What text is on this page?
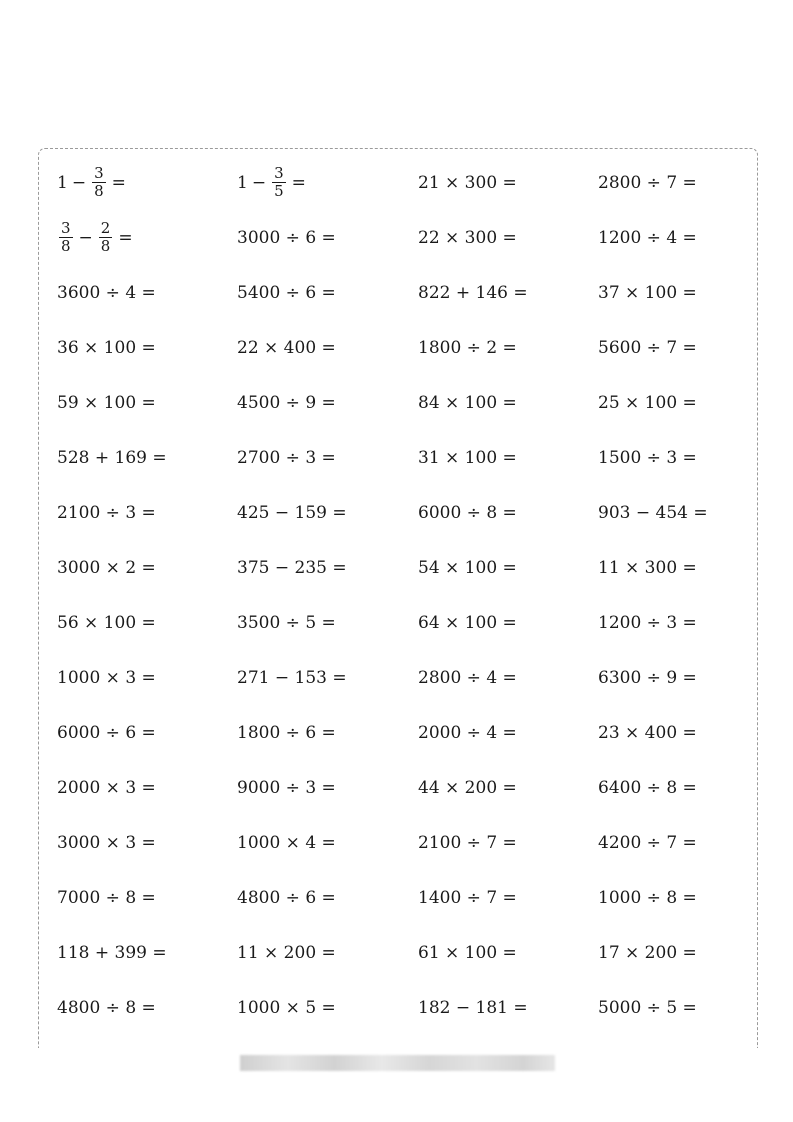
$1 - \frac{3}{8}$ =	$1 - \frac{3}{5}$ =	21 × 300 =	2800 ÷ 7 =
$\frac{3}{8} - \frac{2}{8}$ =	3000 ÷ 6 =	22 × 300 =	1200 ÷ 4 =
3600 ÷ 4 =	5400 ÷ 6 =	822 + 146 =	37 × 100 =
36 × 100 =	22 × 400 =	1800 ÷ 2 =	5600 ÷ 7 =
59 × 100 =	4500 ÷ 9 =	84 × 100 =	25 × 100 =
528 + 169 =	2700 ÷ 3 =	31 × 100 =	1500 ÷ 3 =
2100 ÷ 3 =	425 − 159 =	6000 ÷ 8 =	903 − 454 =
3000 × 2 =	375 − 235 =	54 × 100 =	11 × 300 =
56 × 100 =	3500 ÷ 5 =	64 × 100 =	1200 ÷ 3 =
1000 × 3 =	271 − 153 =	2800 ÷ 4 =	6300 ÷ 9 =
6000 ÷ 6 =	1800 ÷ 6 =	2000 ÷ 4 =	23 × 400 =
2000 × 3 =	9000 ÷ 3 =	44 × 200 =	6400 ÷ 8 =
3000 × 3 =	1000 × 4 =	2100 ÷ 7 =	4200 ÷ 7 =
7000 ÷ 8 =	4800 ÷ 6 =	1400 ÷ 7 =	1000 ÷ 8 =
118 + 399 =	11 × 200 =	61 × 100 =	17 × 200 =
4800 ÷ 8 =	1000 × 5 =	182 − 181 =	5000 ÷ 5 =
